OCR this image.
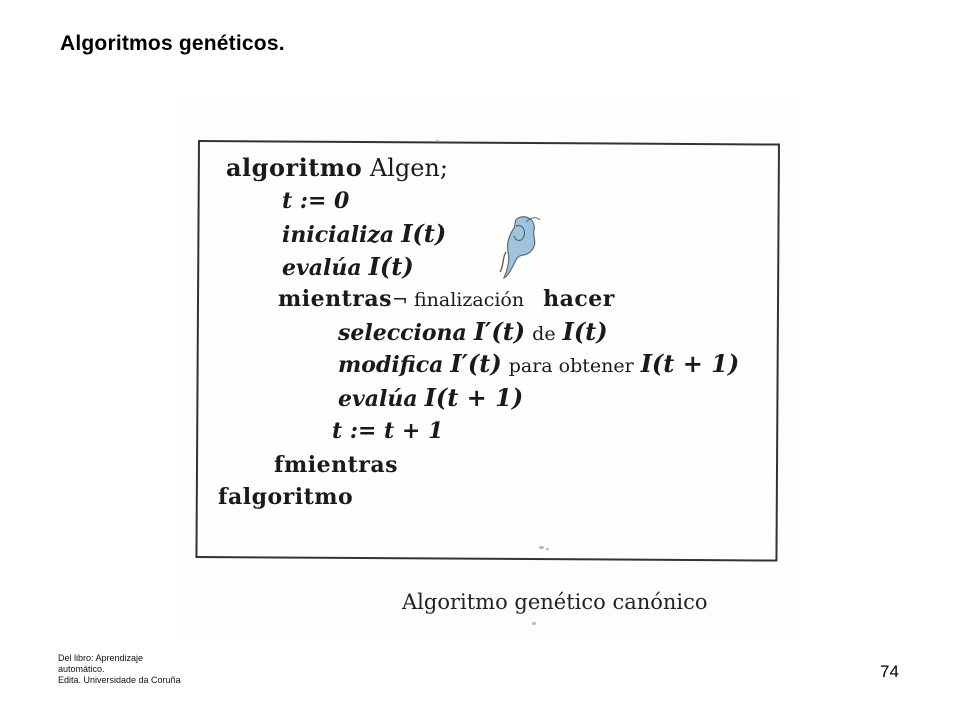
Algoritmos genéticos.
algoritmo Algen;
t := 0
inicializa I(t)
evalúa I(t)
mientras¬ finalización hacer
selecciona I′(t) de I(t)
modifica I′(t) para obtener I(t + 1)
evalúa I(t + 1)
t := t + 1
fmientras
falgoritmo
Algoritmo genético canónico
Del libro: Aprendizaje
automático.
Edita. Universidade da Coruña	74
